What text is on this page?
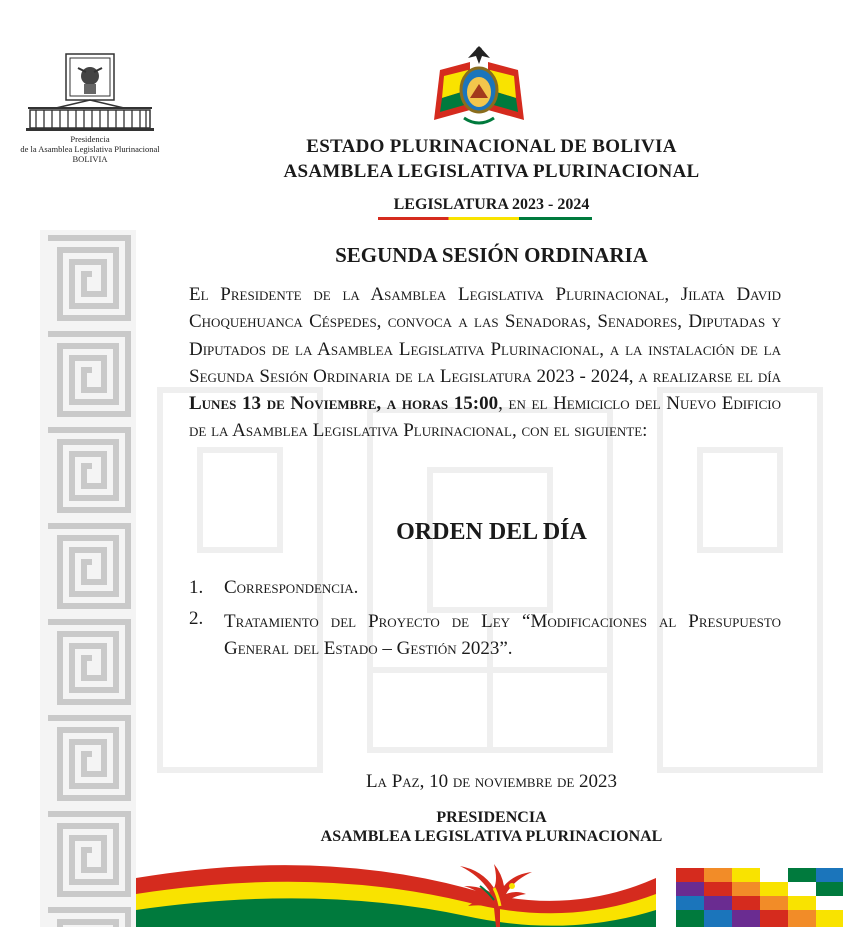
Presidencia
de la Asamblea Legislativa Plurinacional
BOLIVIA
ESTADO PLURINACIONAL DE BOLIVIA
ASAMBLEA LEGISLATIVA PLURINACIONAL
LEGISLATURA 2023 - 2024
SEGUNDA SESIÓN ORDINARIA
El Presidente de la Asamblea Legislativa Plurinacional, Jilata David Choquehuanca Céspedes, convoca a las Senadoras, Senadores, Diputadas y Diputados de la Asamblea Legislativa Plurinacional, a la instalación de la Segunda Sesión Ordinaria de la Legislatura 2023 - 2024, a realizarse el día Lunes 13 de Noviembre, a horas 15:00, en el Hemiciclo del Nuevo Edificio de la Asamblea Legislativa Plurinacional, con el siguiente:
ORDEN DEL DÍA
1. Correspondencia.
2. Tratamiento del Proyecto de Ley “Modificaciones al Presupuesto General del Estado – Gestión 2023”.
La Paz, 10 de noviembre de 2023
PRESIDENCIA
ASAMBLEA LEGISLATIVA PLURINACIONAL
